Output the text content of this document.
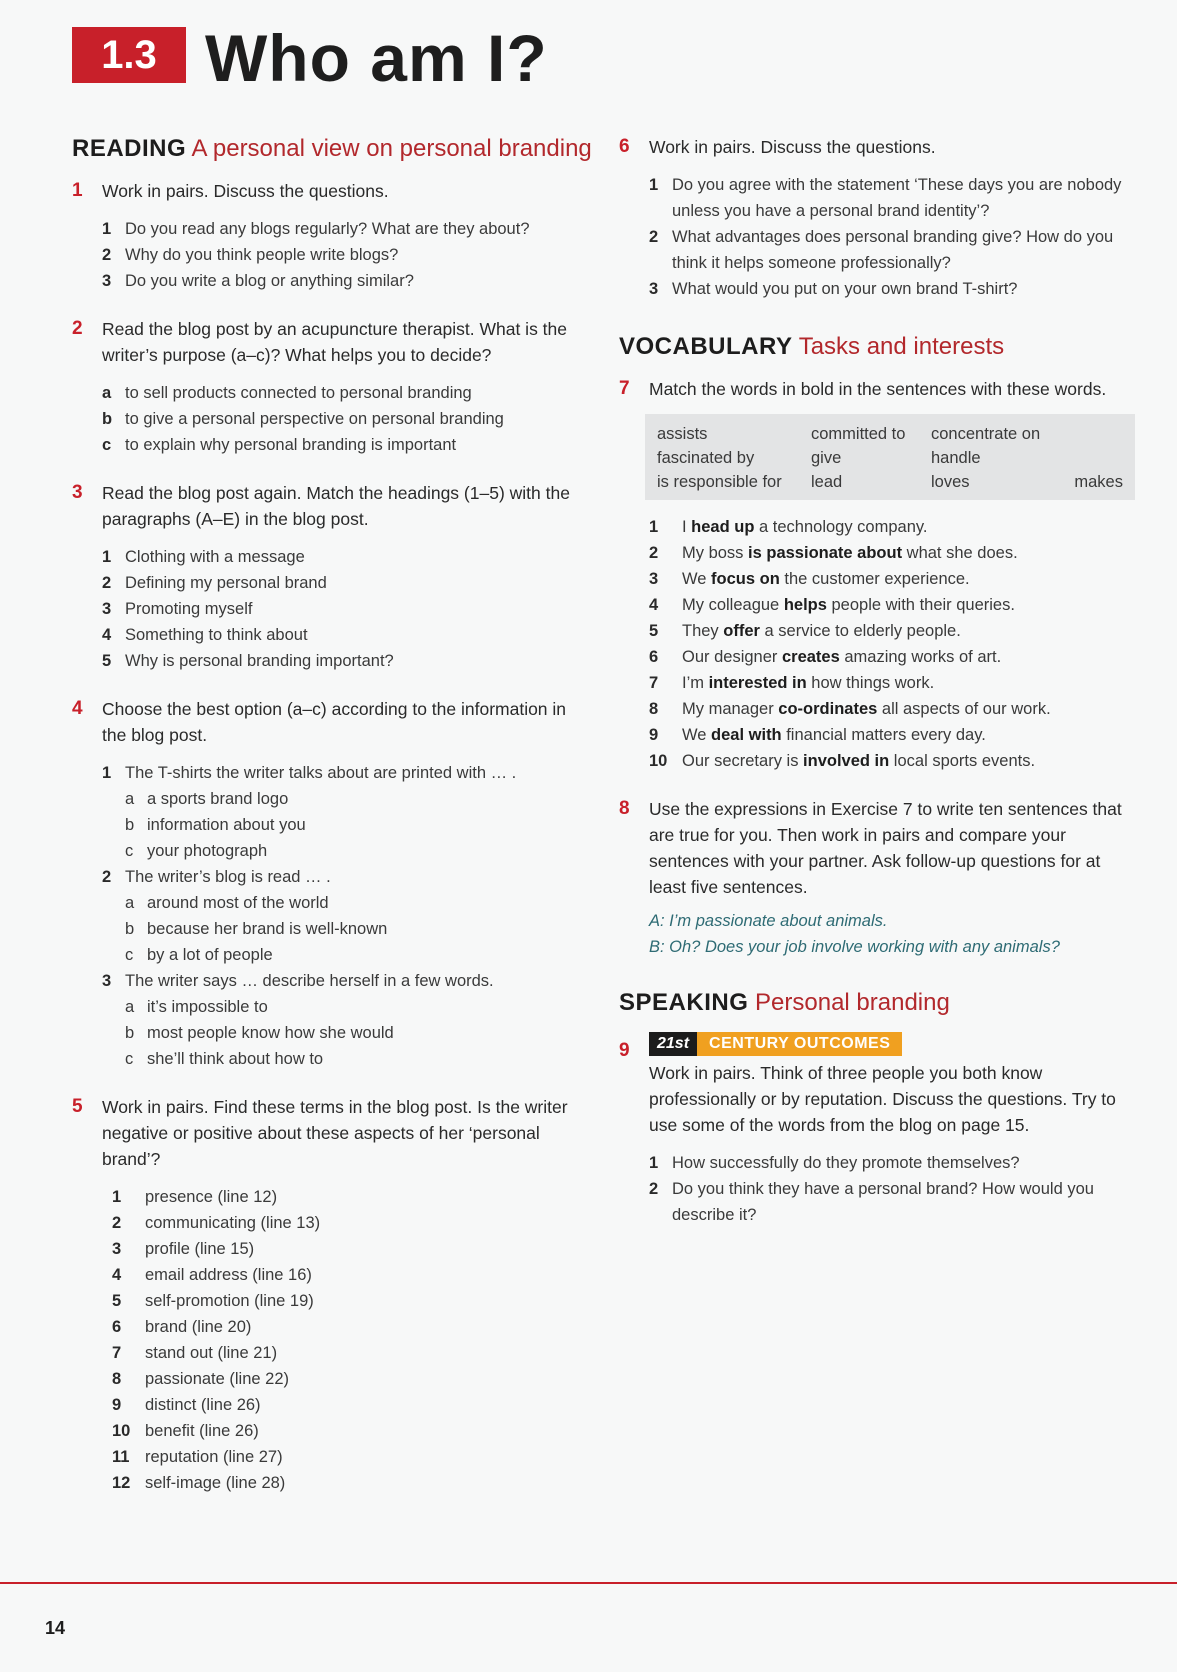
1.3 Who am I?
READING A personal view on personal branding
1 Work in pairs. Discuss the questions.
1 Do you read any blogs regularly? What are they about?
2 Why do you think people write blogs?
3 Do you write a blog or anything similar?
2 Read the blog post by an acupuncture therapist. What is the writer’s purpose (a–c)? What helps you to decide?
a to sell products connected to personal branding
b to give a personal perspective on personal branding
c to explain why personal branding is important
3 Read the blog post again. Match the headings (1–5) with the paragraphs (A–E) in the blog post.
1 Clothing with a message
2 Defining my personal brand
3 Promoting myself
4 Something to think about
5 Why is personal branding important?
4 Choose the best option (a–c) according to the information in the blog post.
1 The T-shirts the writer talks about are printed with … .
a a sports brand logo
b information about you
c your photograph
2 The writer’s blog is read … .
a around most of the world
b because her brand is well-known
c by a lot of people
3 The writer says … describe herself in a few words.
a it’s impossible to
b most people know how she would
c she’ll think about how to
5 Work in pairs. Find these terms in the blog post. Is the writer negative or positive about these aspects of her ‘personal brand’?
1 presence (line 12)
2 communicating (line 13)
3 profile (line 15)
4 email address (line 16)
5 self-promotion (line 19)
6 brand (line 20)
7 stand out (line 21)
8 passionate (line 22)
9 distinct (line 26)
10 benefit (line 26)
11 reputation (line 27)
12 self-image (line 28)
6 Work in pairs. Discuss the questions.
1 Do you agree with the statement ‘These days you are nobody unless you have a personal brand identity’?
2 What advantages does personal branding give? How do you think it helps someone professionally?
3 What would you put on your own brand T-shirt?
VOCABULARY Tasks and interests
7 Match the words in bold in the sentences with these words.
assists	committed to	concentrate on
fascinated by	give	handle
is responsible for	lead	loves	makes
1 I head up a technology company.
2 My boss is passionate about what she does.
3 We focus on the customer experience.
4 My colleague helps people with their queries.
5 They offer a service to elderly people.
6 Our designer creates amazing works of art.
7 I’m interested in how things work.
8 My manager co-ordinates all aspects of our work.
9 We deal with financial matters every day.
10 Our secretary is involved in local sports events.
8 Use the expressions in Exercise 7 to write ten sentences that are true for you. Then work in pairs and compare your sentences with your partner. Ask follow-up questions for at least five sentences.
A: I’m passionate about animals.
B: Oh? Does your job involve working with any animals?
SPEAKING Personal branding
9	21st	CENTURY OUTCOMES
Work in pairs. Think of three people you both know professionally or by reputation. Discuss the questions. Try to use some of the words from the blog on page 15.
1 How successfully do they promote themselves?
2 Do you think they have a personal brand? How would you describe it?
14
